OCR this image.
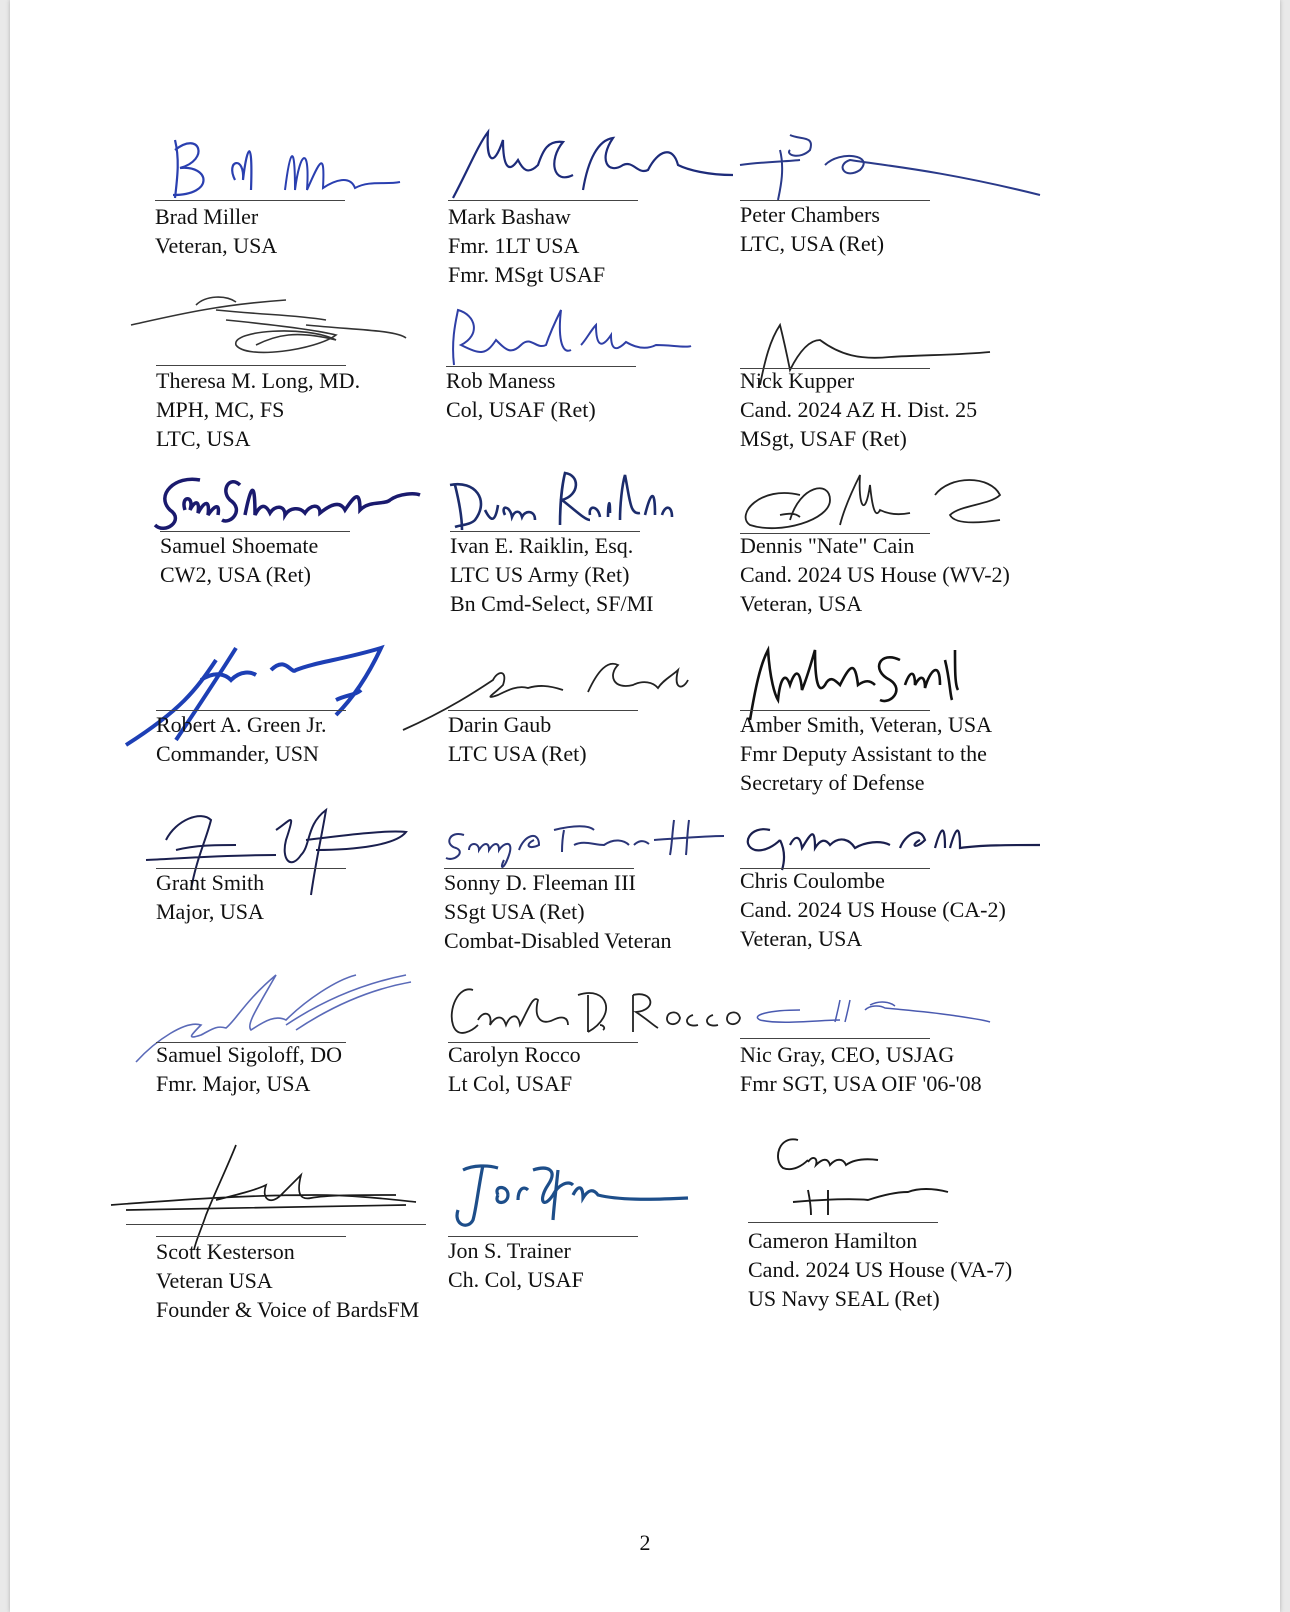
Brad Miller
Veteran, USA
Mark Bashaw
Fmr. 1LT USA
Fmr. MSgt USAF
Peter Chambers
LTC, USA (Ret)
Theresa M. Long, MD.
MPH, MC, FS
LTC, USA
Rob Maness
Col, USAF (Ret)
Nick Kupper
Cand. 2024 AZ H. Dist. 25
MSgt, USAF (Ret)
Samuel Shoemate
CW2, USA (Ret)
Ivan E. Raiklin, Esq.
LTC US Army (Ret)
Bn Cmd-Select, SF/MI
Dennis "Nate" Cain
Cand. 2024 US House (WV-2)
Veteran, USA
Robert A. Green Jr.
Commander, USN
Darin Gaub
LTC USA (Ret)
Amber Smith, Veteran, USA
Fmr Deputy Assistant to the
Secretary of Defense
Grant Smith
Major, USA
Sonny D. Fleeman III
SSgt USA (Ret)
Combat-Disabled Veteran
Chris Coulombe
Cand. 2024 US House (CA-2)
Veteran, USA
Samuel Sigoloff, DO
Fmr. Major, USA
Carolyn Rocco
Lt Col, USAF
Nic Gray, CEO, USJAG
Fmr SGT, USA OIF '06-'08
Scott Kesterson
Veteran USA
Founder & Voice of BardsFM
Jon S. Trainer
Ch. Col, USAF
Cameron Hamilton
Cand. 2024 US House (VA-7)
US Navy SEAL (Ret)
2
